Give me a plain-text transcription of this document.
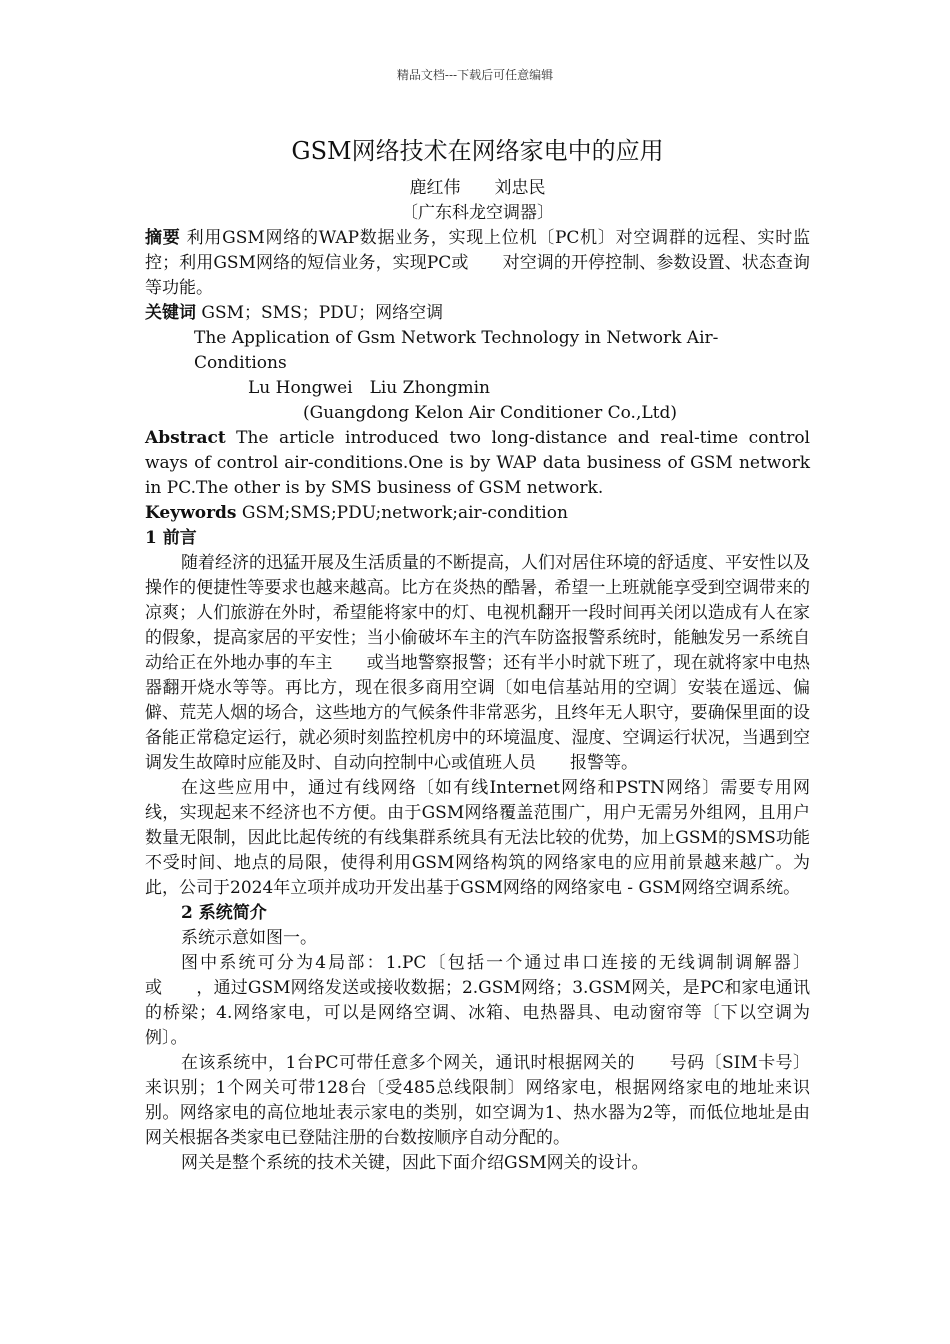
精品文档---下载后可任意编辑
GSM网络技术在网络家电中的应用
鹿红伟　　刘忠民
〔广东科龙空调器〕

摘要 利用GSM网络的WAP数据业务，实现上位机〔PC机〕对空调群的远程、实时监控；利用GSM网络的短信业务，实现PC或　　对空调的开停控制、参数设置、状态查询等功能。

关键词 GSM；SMS；PDU；网络空调

The Application of Gsm Network Technology in Network Air-Conditions
Lu Hongwei　Liu Zhongmin
(Guangdong Kelon Air Conditioner Co.,Ltd)

Abstract The article introduced two long-distance and real-time control ways of control air-conditions.One is by WAP data business of GSM network in PC.The other is by SMS business of GSM network.

Keywords GSM;SMS;PDU;network;air-condition

1 前言

随着经济的迅猛开展及生活质量的不断提高，人们对居住环境的舒适度、平安性以及操作的便捷性等要求也越来越高。比方在炎热的酷暑，希望一上班就能享受到空调带来的凉爽；人们旅游在外时，希望能将家中的灯、电视机翻开一段时间再关闭以造成有人在家的假象，提高家居的平安性；当小偷破坏车主的汽车防盗报警系统时，能触发另一系统自动给正在外地办事的车主　　或当地警察报警；还有半小时就下班了，现在就将家中电热器翻开烧水等等。再比方，现在很多商用空调〔如电信基站用的空调〕安装在遥远、偏僻、荒芜人烟的场合，这些地方的气候条件非常恶劣，且终年无人职守，要确保里面的设备能正常稳定运行，就必须时刻监控机房中的环境温度、湿度、空调运行状况，当遇到空调发生故障时应能及时、自动向控制中心或值班人员　　报警等。

在这些应用中，通过有线网络〔如有线Internet网络和PSTN网络〕需要专用网线，实现起来不经济也不方便。由于GSM网络覆盖范围广，用户无需另外组网，且用户数量无限制，因此比起传统的有线集群系统具有无法比较的优势，加上GSM的SMS功能不受时间、地点的局限，使得利用GSM网络构筑的网络家电的应用前景越来越广。为此，公司于2024年立项并成功开发出基于GSM网络的网络家电 - GSM网络空调系统。

2 系统简介

系统示意如图一。

图中系统可分为4局部：1.PC〔包括一个通过串口连接的无线调制调解器〕或　　，通过GSM网络发送或接收数据；2.GSM网络；3.GSM网关，是PC和家电通讯的桥梁；4.网络家电，可以是网络空调、冰箱、电热器具、电动窗帘等〔下以空调为例〕。

在该系统中，1台PC可带任意多个网关，通讯时根据网关的　　号码〔SIM卡号〕来识别；1个网关可带128台〔受485总线限制〕网络家电，根据网络家电的地址来识别。网络家电的高位地址表示家电的类别，如空调为1、热水器为2等，而低位地址是由网关根据各类家电已登陆注册的台数按顺序自动分配的。

网关是整个系统的技术关键，因此下面介绍GSM网关的设计。
